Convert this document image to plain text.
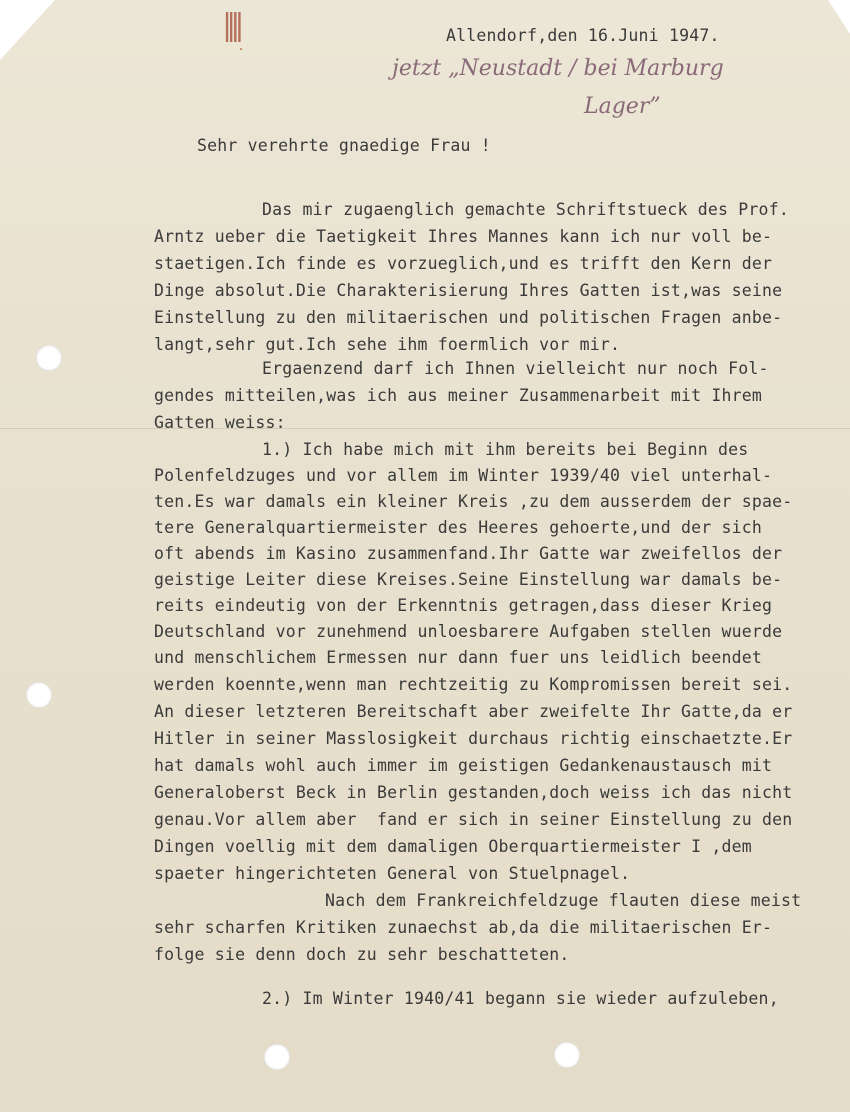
||||	Allendorf,den 16.Juni 1947.
jetzt „Neustadt / bei Marburg
Lager”
Sehr verehrte gnaedige Frau !
Das mir zugaenglich gemachte Schriftstueck des Prof.
Arntz ueber die Taetigkeit Ihres Mannes kann ich nur voll be-
staetigen.Ich finde es vorzueglich,und es trifft den Kern der
Dinge absolut.Die Charakterisierung Ihres Gatten ist,was seine
Einstellung zu den militaerischen und politischen Fragen anbe-
langt,sehr gut.Ich sehe ihm foermlich vor mir.
Ergaenzend darf ich Ihnen vielleicht nur noch Fol-
gendes mitteilen,was ich aus meiner Zusammenarbeit mit Ihrem
Gatten weiss:
1.) Ich habe mich mit ihm bereits bei Beginn des
Polenfeldzuges und vor allem im Winter 1939/40 viel unterhal-
ten.Es war damals ein kleiner Kreis ,zu dem ausserdem der spae-
tere Generalquartiermeister des Heeres gehoerte,und der sich
oft abends im Kasino zusammenfand.Ihr Gatte war zweifellos der
geistige Leiter diese Kreises.Seine Einstellung war damals be-
reits eindeutig von der Erkenntnis getragen,dass dieser Krieg
Deutschland vor zunehmend unloesbarere Aufgaben stellen wuerde
und menschlichem Ermessen nur dann fuer uns leidlich beendet
werden koennte,wenn man rechtzeitig zu Kompromissen bereit sei.
An dieser letzteren Bereitschaft aber zweifelte Ihr Gatte,da er
Hitler in seiner Masslosigkeit durchaus richtig einschaetzte.Er
hat damals wohl auch immer im geistigen Gedankenaustausch mit
Generaloberst Beck in Berlin gestanden,doch weiss ich das nicht
genau.Vor allem aber  fand er sich in seiner Einstellung zu den
Dingen voellig mit dem damaligen Oberquartiermeister I ,dem
spaeter hingerichteten General von Stuelpnagel.
Nach dem Frankreichfeldzuge flauten diese meist
sehr scharfen Kritiken zunaechst ab,da die militaerischen Er-
folge sie denn doch zu sehr beschatteten.
2.) Im Winter 1940/41 begann sie wieder aufzuleben,
